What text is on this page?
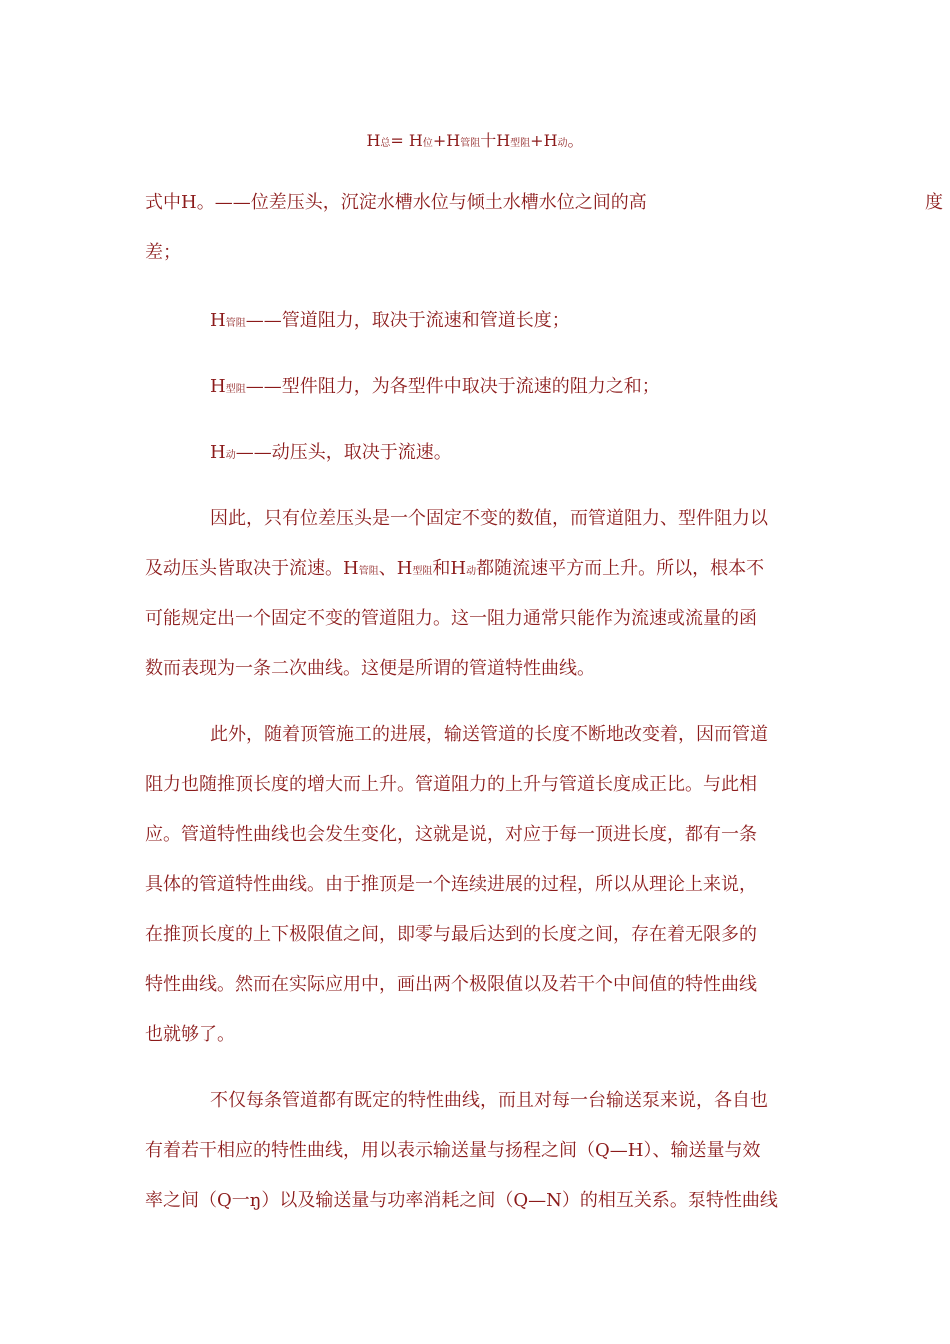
H总= H位+H管阻十H型阻+H动。
式中H。——位差压头，沉淀水槽水位与倾土水槽水位之间的高	度
差；
H管阻——管道阻力，取决于流速和管道长度；
H型阻——型件阻力，为各型件中取决于流速的阻力之和；
H动——动压头，取决于流速。
因此，只有位差压头是一个固定不变的数值，而管道阻力、型件阻力以
及动压头皆取决于流速。H管阻、H型阻和H动都随流速平方而上升。所以，根本不
可能规定出一个固定不变的管道阻力。这一阻力通常只能作为流速或流量的函
数而表现为一条二次曲线。这便是所谓的管道特性曲线。
此外，随着顶管施工的进展，输送管道的长度不断地改变着，因而管道
阻力也随推顶长度的增大而上升。管道阻力的上升与管道长度成正比。与此相
应。管道特性曲线也会发生变化，这就是说，对应于每一顶进长度，都有一条
具体的管道特性曲线。由于推顶是一个连续进展的过程，所以从理论上来说，
在推顶长度的上下极限值之间，即零与最后达到的长度之间，存在着无限多的
特性曲线。然而在实际应用中，画出两个极限值以及若干个中间值的特性曲线
也就够了。
不仅每条管道都有既定的特性曲线，而且对每一台输送泵来说，各自也
有着若干相应的特性曲线，用以表示输送量与扬程之间（Q—H）、输送量与效
率之间（Q一ŋ）以及输送量与功率消耗之间（Q—N）的相互关系。泵特性曲线
